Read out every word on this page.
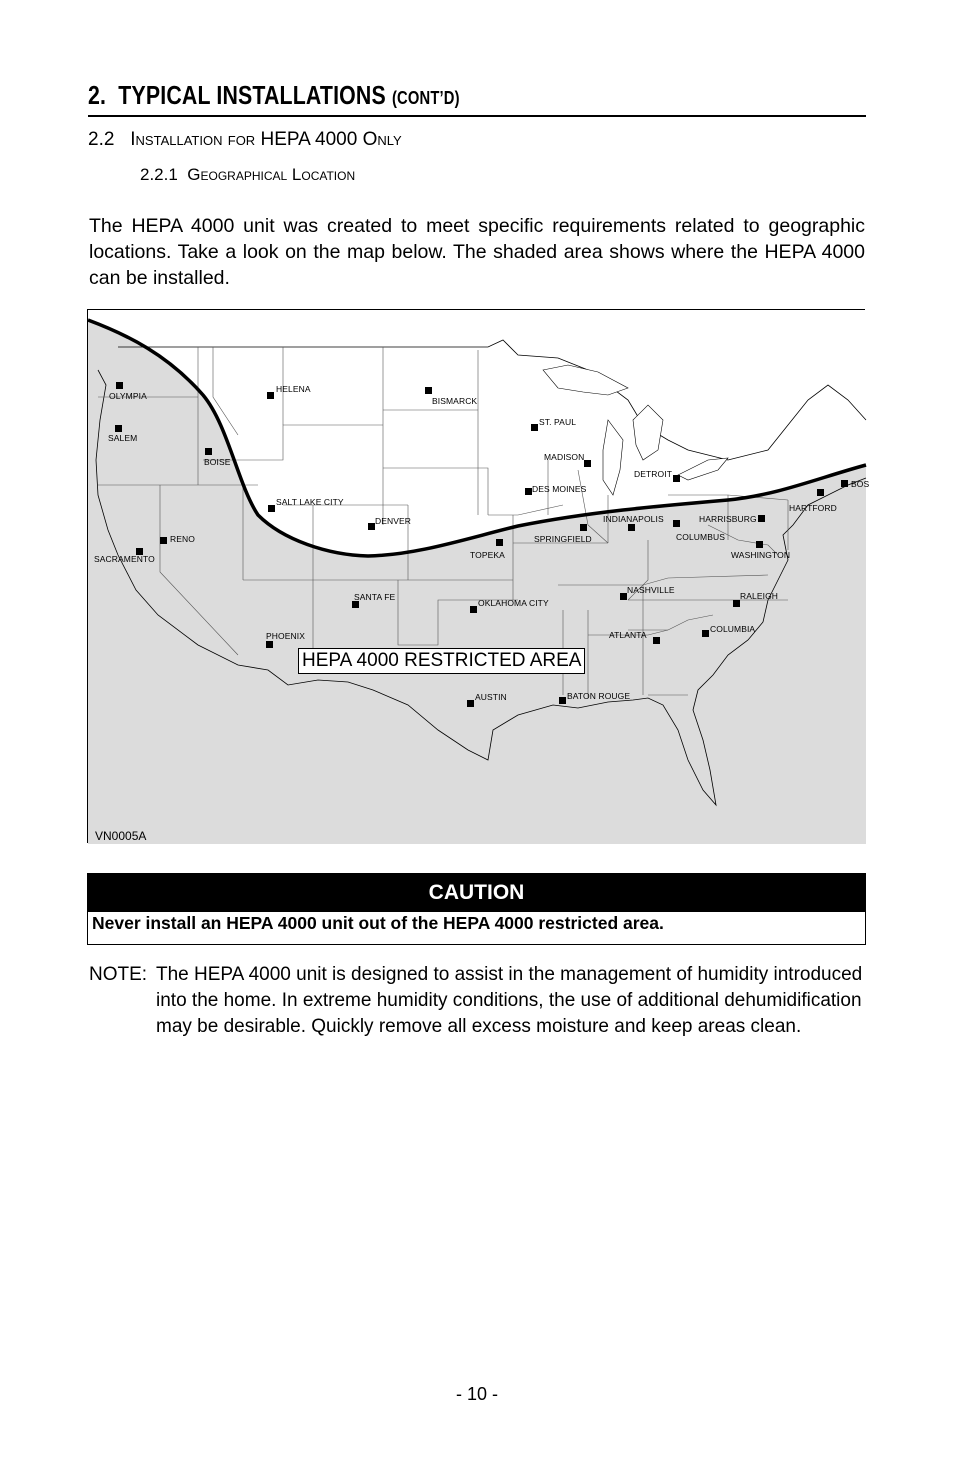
2. TYPICAL INSTALLATIONS (CONT’D)
2.2 Installation for HEPA 4000 Only
2.2.1 Geographical Location
The HEPA 4000 unit was created to meet specific requirements related to geographic locations. Take a look on the map below. The shaded area shows where the HEPA 4000 can be installed.
OLYMPIA
HELENA
BISMARCK
SALEM
BOISE
ST. PAUL
MADISON
DETROIT
DES MOINES
SALT LAKE CITY
DENVER	INDIANAPOLIS	HARRISBURG
HARTFORD
BOS
RENO	SPRINGFIELD	COLUMBUS
SACRAMENTO	TOPEKA	WASHINGTON
SANTA FE
OKLAHOMA CITY
NASHVILLE
RALEIGH
PHOENIX	ATLANTA
COLUMBIA
AUSTIN	BATON ROUGE
HEPA 4000 RESTRICTED AREA
VN0005A
CAUTION
Never install an HEPA 4000 unit out of the HEPA 4000 restricted area.
NOTE: The HEPA 4000 unit is designed to assist in the management of humidity introduced into the home. In extreme humidity conditions, the use of additional dehumidification may be desirable. Quickly remove all excess moisture and keep areas clean.
- 10 -
